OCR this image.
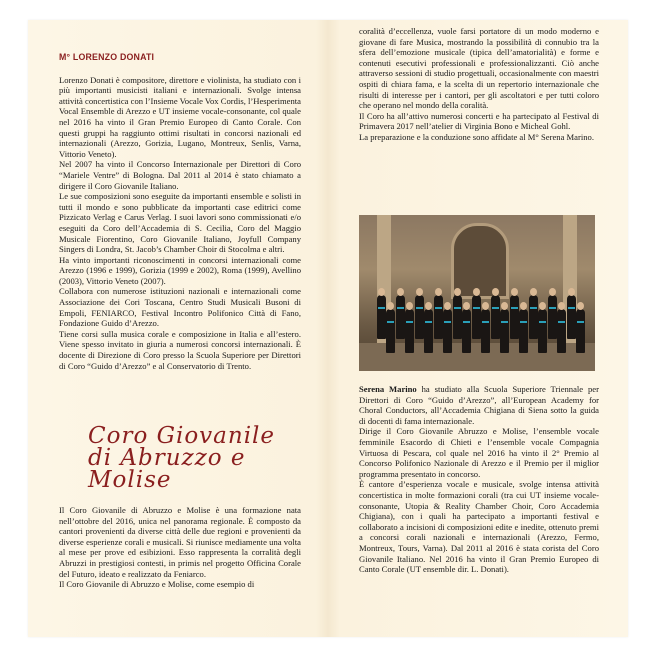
M° LORENZO DONATI

Lorenzo Donati è compositore, direttore e violinista, ha studiato con i più importanti musicisti italiani e internazionali. Svolge intensa attività concertistica con l’Insieme Vocale Vox Cordis, l’Hesperimenta Vocal Ensemble di Arezzo e UT insieme vocale-consonante, col quale nel 2016 ha vinto il Gran Premio Europeo di Canto Corale. Con questi gruppi ha raggiunto ottimi risultati in concorsi nazionali ed internazionali (Arezzo, Gorizia, Lugano, Montreux, Senlis, Varna, Vittorio Veneto).

Nel 2007 ha vinto il Concorso Internazionale per Direttori di Coro “Mariele Ventre” di Bologna. Dal 2011 al 2014 è stato chiamato a dirigere il Coro Giovanile Italiano.

Le sue composizioni sono eseguite da importanti ensemble e solisti in tutti il mondo e sono pubblicate da importanti case editrici come Pizzicato Verlag e Carus Verlag. I suoi lavori sono commissionati e/o eseguiti da Coro dell’Accademia di S. Cecilia, Coro del Maggio Musicale Fiorentino, Coro Giovanile Italiano, Joyfull Company Singers di Londra, St. Jacob’s Chamber Choir di Stocolma e altri.

Ha vinto importanti riconoscimenti in concorsi internazionali come Arezzo (1996 e 1999), Gorizia (1999 e 2002), Roma (1999), Avellino (2003), Vittorio Veneto (2007).

Collabora con numerose istituzioni nazionali e internazionali come Associazione dei Cori Toscana, Centro Studi Musicali Busoni di Empoli, FENIARCO, Festival Incontro Polifonico Città di Fano, Fondazione Guido d’Arezzo.

Tiene corsi sulla musica corale e composizione in Italia e all’estero. Viene spesso invitato in giuria a numerosi concorsi internazionali. È docente di Direzione di Coro presso la Scuola Superiore per Direttori di Coro “Guido d’Arezzo” e al Conservatorio di Trento.

Coro Giovanile
di Abruzzo e Molise

Il Coro Giovanile di Abruzzo e Molise è una formazione nata nell’ottobre del 2016, unica nel panorama regionale. È composto da cantori provenienti da diverse città delle due regioni e provenienti da diverse esperienze corali e musicali. Si riunisce mediamente una volta al mese per prove ed esibizioni. Esso rappresenta la corralità degli Abruzzi in prestigiosi contesti, in primis nel progetto Officina Corale del Futuro, ideato e realizzato da Feniarco.

Il Coro Giovanile di Abruzzo e Molise, come esempio di

coralità d’eccellenza, vuole farsi portatore di un modo moderno e giovane di fare Musica, mostrando la possibilità di connubio tra la sfera dell’emozione musicale (tipica dell’amatorialità) e forme e contenuti esecutivi professionali e professionalizzanti. Ciò anche attraverso sessioni di studio progettuali, occasionalmente con maestri ospiti di chiara fama, e la scelta di un repertorio internazionale che risulti di interesse per i cantori, per gli ascoltatori e per tutti coloro che operano nel mondo della coralità.

Il Coro ha all’attivo numerosi concerti e ha partecipato al Festival di Primavera 2017 nell’atelier di Virginia Bono e Micheal Gohl.

La preparazione e la conduzione sono affidate al M° Serena Marino.

Serena Marino ha studiato alla Scuola Superiore Triennale per Direttori di Coro “Guido d’Arezzo”, all’European Academy for Choral Conductors, all’Accademia Chigiana di Siena sotto la guida di docenti di fama internazionale.

Dirige il Coro Giovanile Abruzzo e Molise, l’ensemble vocale femminile Esacordo di Chieti e l’ensemble vocale Compagnia Virtuosa di Pescara, col quale nel 2016 ha vinto il 2° Premio al Concorso Polifonico Nazionale di Arezzo e il Premio per il miglior programma presentato in concorso.

È cantore d’esperienza vocale e musicale, svolge intensa attività concertistica in molte formazioni corali (tra cui UT insieme vocale-consonante, Utopia & Reality Chamber Choir, Coro Accademia Chigiana), con i quali ha partecipato a importanti festival e collaborato a incisioni di composizioni edite e inedite, ottenuto premi a concorsi corali nazionali e internazionali (Arezzo, Fermo, Montreux, Tours, Varna). Dal 2011 al 2016 è stata corista del Coro Giovanile Italiano. Nel 2016 ha vinto il Gran Premio Europeo di Canto Corale (UT ensemble dir. L. Donati).
